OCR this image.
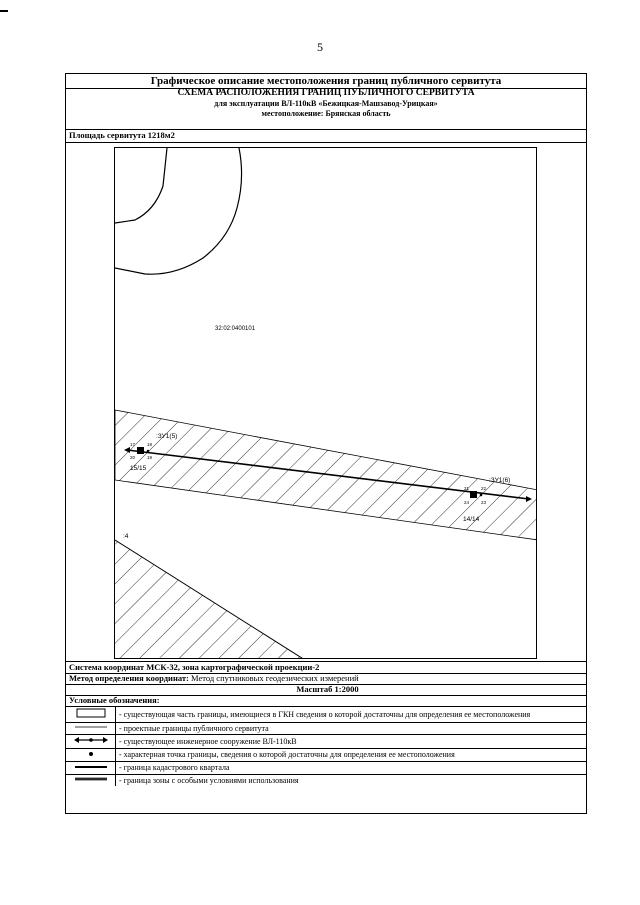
5
Графическое описание местоположения границ публичного сервитута
СХЕМА РАСПОЛОЖЕНИЯ ГРАНИЦ ПУБЛИЧНОГО СЕРВИТУТА
для эксплуатации ВЛ-110кВ «Бежицкая-Машзавод-Урицкая»
местоположение: Брянская область
Площадь сервитута 1218м2
32:02:0400101
:ЗУ1(5)
:ЗУ1(6)
15/15
14/14
:4
17	18
19
20
21	22
23
24
Система координат МСК-32, зона картографической проекции-2
Метод определения координат: Метод спутниковых геодезических измерений
Масштаб 1:2000
Условные обозначения:
	- существующая часть границы, имеющиеся в ГКН сведения о которой достаточны для определения ее местоположения
	- проектные границы публичного сервитута
	- существующее инженерное сооружение ВЛ-110кВ
	- характерная точка границы, сведения о которой достаточны для определения ее местоположения
	- граница кадастрового квартала
	- граница зоны с особыми условиями использования
